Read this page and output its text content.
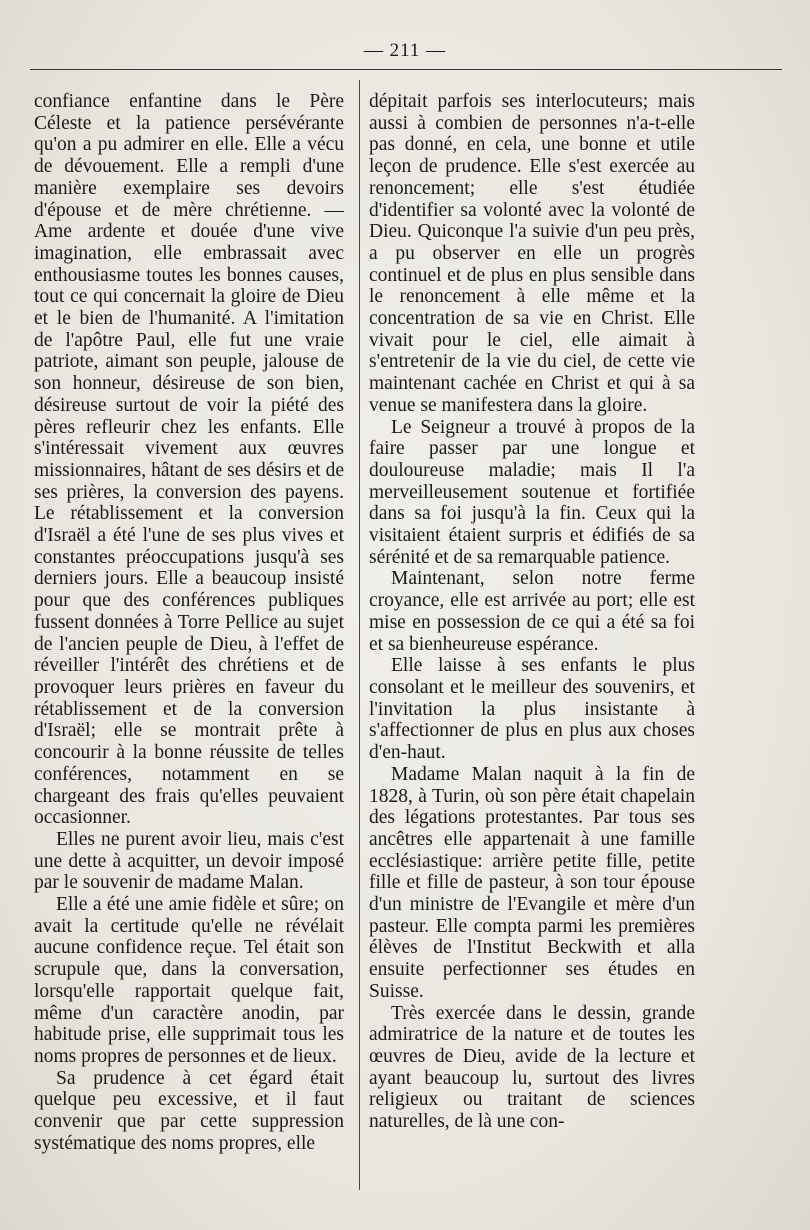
— 211 —

confiance enfantine dans le Père Céleste et la patience persévérante qu'on a pu admirer en elle. Elle a vécu de dévouement. Elle a rempli d'une manière exemplaire ses devoirs d'épouse et de mère chrétienne. — Ame ardente et douée d'une vive imagination, elle embrassait avec enthousiasme toutes les bonnes causes, tout ce qui concernait la gloire de Dieu et le bien de l'humanité. A l'imitation de l'apôtre Paul, elle fut une vraie patriote, aimant son peuple, jalouse de son honneur, désireuse de son bien, désireuse surtout de voir la piété des pères refleurir chez les enfants. Elle s'intéressait vivement aux œuvres missionnaires, hâtant de ses désirs et de ses prières, la conversion des payens. Le rétablissement et la conversion d'Israël a été l'une de ses plus vives et constantes préoccupations jusqu'à ses derniers jours. Elle a beaucoup insisté pour que des conférences publiques fussent données à Torre Pellice au sujet de l'ancien peuple de Dieu, à l'effet de réveiller l'intérêt des chrétiens et de provoquer leurs prières en faveur du rétablissement et de la conversion d'Israël; elle se montrait prête à concourir à la bonne réussite de telles conférences, notamment en se chargeant des frais qu'elles peuvaient occasionner.

Elles ne purent avoir lieu, mais c'est une dette à acquitter, un devoir imposé par le souvenir de madame Malan.

Elle a été une amie fidèle et sûre; on avait la certitude qu'elle ne révélait aucune confidence reçue. Tel était son scrupule que, dans la conversation, lorsqu'elle rapportait quelque fait, même d'un caractère anodin, par habitude prise, elle supprimait tous les noms propres de personnes et de lieux.

Sa prudence à cet égard était quelque peu excessive, et il faut convenir que par cette suppression systématique des noms propres, elle

dépitait parfois ses interlocuteurs; mais aussi à combien de personnes n'a-t-elle pas donné, en cela, une bonne et utile leçon de prudence. Elle s'est exercée au renoncement; elle s'est étudiée d'identifier sa volonté avec la volonté de Dieu. Quiconque l'a suivie d'un peu près, a pu observer en elle un progrès continuel et de plus en plus sensible dans le renoncement à elle même et la concentration de sa vie en Christ. Elle vivait pour le ciel, elle aimait à s'entretenir de la vie du ciel, de cette vie maintenant cachée en Christ et qui à sa venue se manifestera dans la gloire.

Le Seigneur a trouvé à propos de la faire passer par une longue et douloureuse maladie; mais Il l'a merveilleusement soutenue et fortifiée dans sa foi jusqu'à la fin. Ceux qui la visitaient étaient surpris et édifiés de sa sérénité et de sa remarquable patience.

Maintenant, selon notre ferme croyance, elle est arrivée au port; elle est mise en possession de ce qui a été sa foi et sa bienheureuse espérance.

Elle laisse à ses enfants le plus consolant et le meilleur des souvenirs, et l'invitation la plus insistante à s'affectionner de plus en plus aux choses d'en-haut.

Madame Malan naquit à la fin de 1828, à Turin, où son père était chapelain des légations protestantes. Par tous ses ancêtres elle appartenait à une famille ecclésiastique: arrière petite fille, petite fille et fille de pasteur, à son tour épouse d'un ministre de l'Evangile et mère d'un pasteur. Elle compta parmi les premières élèves de l'Institut Beckwith et alla ensuite perfectionner ses études en Suisse.

Très exercée dans le dessin, grande admiratrice de la nature et de toutes les œuvres de Dieu, avide de la lecture et ayant beaucoup lu, surtout des livres religieux ou traitant de sciences naturelles, de là une con-
